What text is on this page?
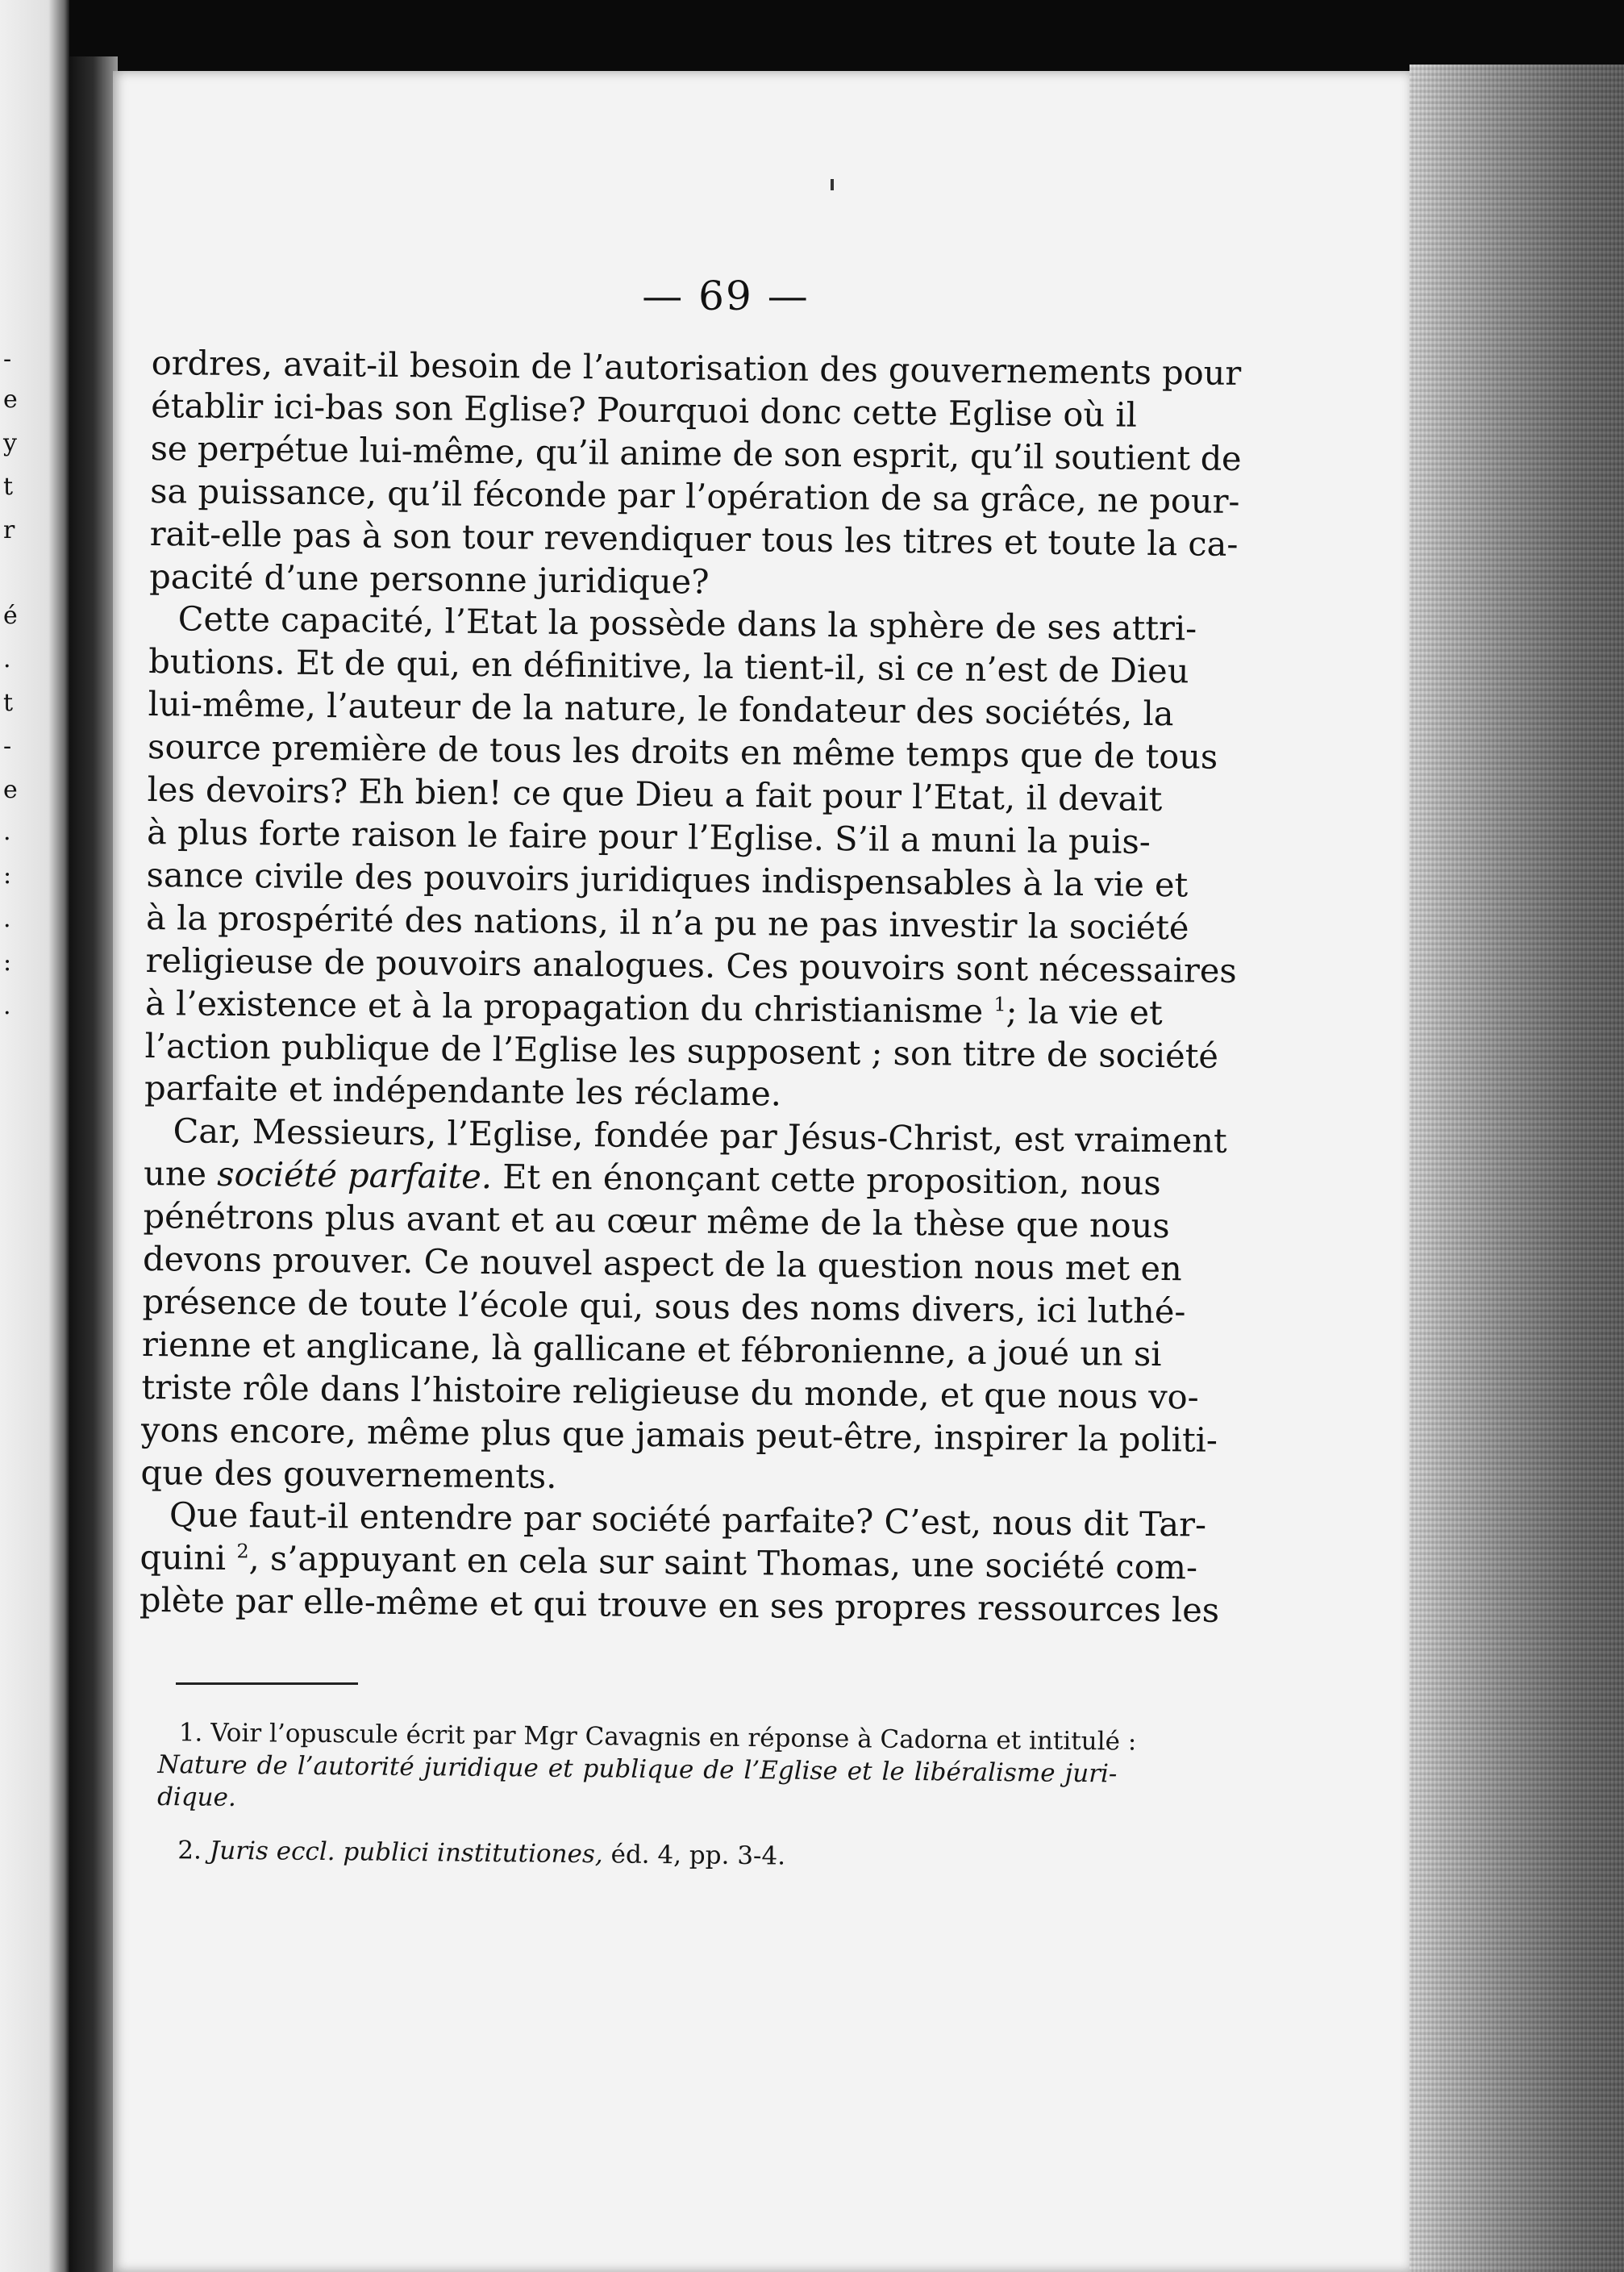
-
e
y
t
r
é
.
t
-
e
.
:
.
:
.
— 69 —
ordres, avait-il besoin de l’autorisation des gouvernements pour
établir ici-bas son Eglise? Pourquoi donc cette Eglise où il
se perpétue lui-même, qu’il anime de son esprit, qu’il soutient de
sa puissance, qu’il féconde par l’opération de sa grâce, ne pour-
rait-elle pas à son tour revendiquer tous les titres et toute la ca-
pacité d’une personne juridique?
Cette capacité, l’Etat la possède dans la sphère de ses attri-
butions. Et de qui, en définitive, la tient-il, si ce n’est de Dieu
lui-même, l’auteur de la nature, le fondateur des sociétés, la
source première de tous les droits en même temps que de tous
les devoirs? Eh bien! ce que Dieu a fait pour l’Etat, il devait
à plus forte raison le faire pour l’Eglise. S’il a muni la puis-
sance civile des pouvoirs juridiques indispensables à la vie et
à la prospérité des nations, il n’a pu ne pas investir la société
religieuse de pouvoirs analogues. Ces pouvoirs sont nécessaires
à l’existence et à la propagation du christianisme $^1$; la vie et
l’action publique de l’Eglise les supposent ; son titre de société
parfaite et indépendante les réclame.
Car, Messieurs, l’Eglise, fondée par Jésus-Christ, est vraiment
une société parfaite. Et en énonçant cette proposition, nous
pénétrons plus avant et au cœur même de la thèse que nous
devons prouver. Ce nouvel aspect de la question nous met en
présence de toute l’école qui, sous des noms divers, ici luthé-
rienne et anglicane, là gallicane et fébronienne, a joué un si
triste rôle dans l’histoire religieuse du monde, et que nous vo-
yons encore, même plus que jamais peut-être, inspirer la politi-
que des gouvernements.
Que faut-il entendre par société parfaite? C’est, nous dit Tar-
quini $^2$, s’appuyant en cela sur saint Thomas, une société com-
plète par elle-même et qui trouve en ses propres ressources les
1. Voir l’opuscule écrit par Mgr Cavagnis en réponse à Cadorna et intitulé :
Nature de l’autorité juridique et publique de l’Eglise et le libéralisme juri-
dique.
2. Juris eccl. publici institutiones, éd. 4, pp. 3-4.
